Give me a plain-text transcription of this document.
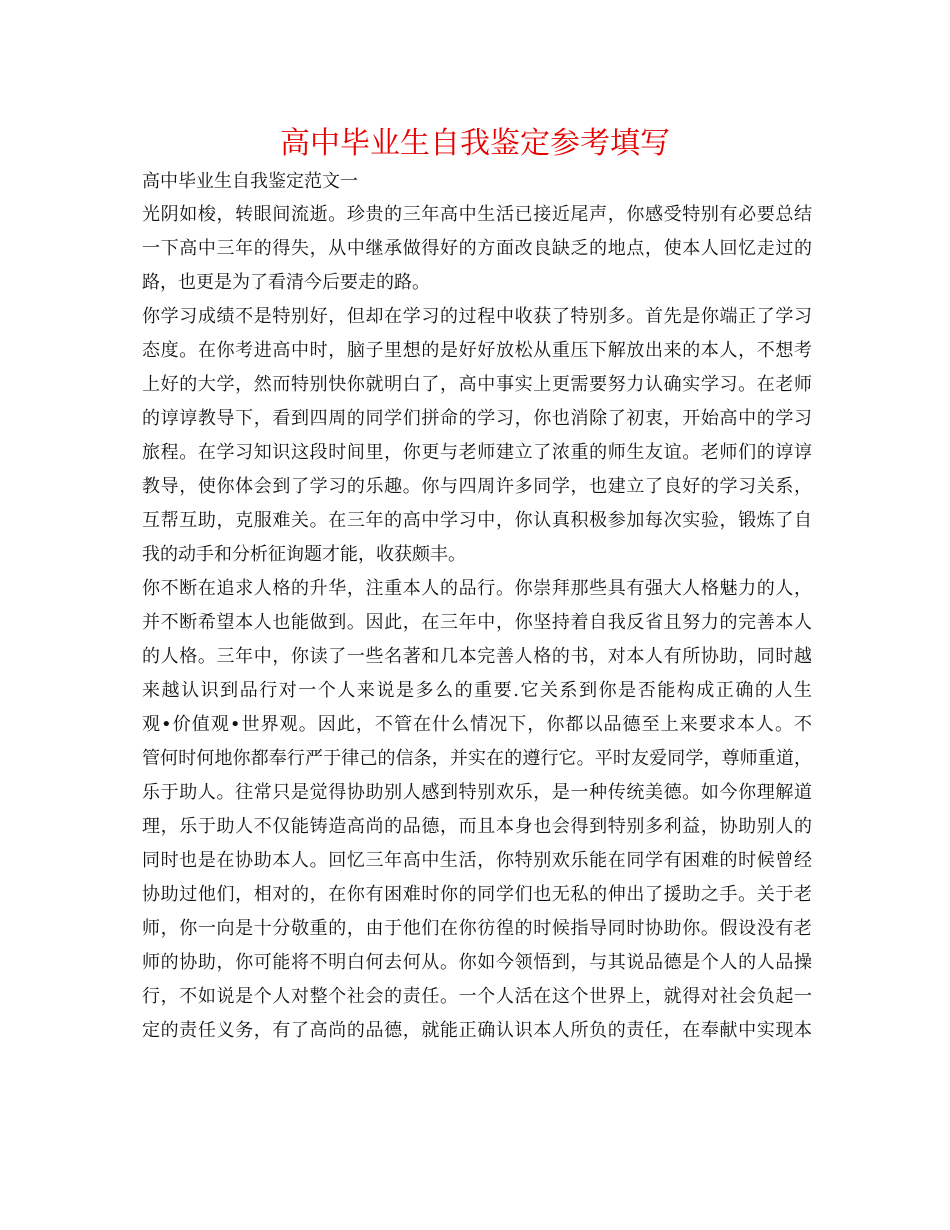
高中毕业生自我鉴定参考填写
高中毕业生自我鉴定范文一
光阴如梭，转眼间流逝。珍贵的三年高中生活已接近尾声，你感受特别有必要总结
一下高中三年的得失，从中继承做得好的方面改良缺乏的地点，使本人回忆走过的
路，也更是为了看清今后要走的路。
你学习成绩不是特别好，但却在学习的过程中收获了特别多。首先是你端正了学习
态度。在你考进高中时，脑子里想的是好好放松从重压下解放出来的本人，不想考
上好的大学，然而特别快你就明白了，高中事实上更需要努力认确实学习。在老师
的谆谆教导下，看到四周的同学们拼命的学习，你也消除了初衷，开始高中的学习
旅程。在学习知识这段时间里，你更与老师建立了浓重的师生友谊。老师们的谆谆
教导，使你体会到了学习的乐趣。你与四周许多同学，也建立了良好的学习关系，
互帮互助，克服难关。在三年的高中学习中，你认真积极参加每次实验，锻炼了自
我的动手和分析征询题才能，收获颇丰。
你不断在追求人格的升华，注重本人的品行。你崇拜那些具有强大人格魅力的人，
并不断希望本人也能做到。因此，在三年中，你坚持着自我反省且努力的完善本人
的人格。三年中，你读了一些名著和几本完善人格的书，对本人有所协助，同时越
来越认识到品行对一个人来说是多么的重要.它关系到你是否能构成正确的人生
观•价值观•世界观。因此，不管在什么情况下，你都以品德至上来要求本人。不
管何时何地你都奉行严于律己的信条，并实在的遵行它。平时友爱同学，尊师重道，
乐于助人。往常只是觉得协助别人感到特别欢乐，是一种传统美德。如今你理解道
理，乐于助人不仅能铸造高尚的品德，而且本身也会得到特别多利益，协助别人的
同时也是在协助本人。回忆三年高中生活，你特别欢乐能在同学有困难的时候曾经
协助过他们，相对的，在你有困难时你的同学们也无私的伸出了援助之手。关于老
师，你一向是十分敬重的，由于他们在你彷徨的时候指导同时协助你。假设没有老
师的协助，你可能将不明白何去何从。你如今领悟到，与其说品德是个人的人品操
行，不如说是个人对整个社会的责任。一个人活在这个世界上，就得对社会负起一
定的责任义务，有了高尚的品德，就能正确认识本人所负的责任，在奉献中实现本
